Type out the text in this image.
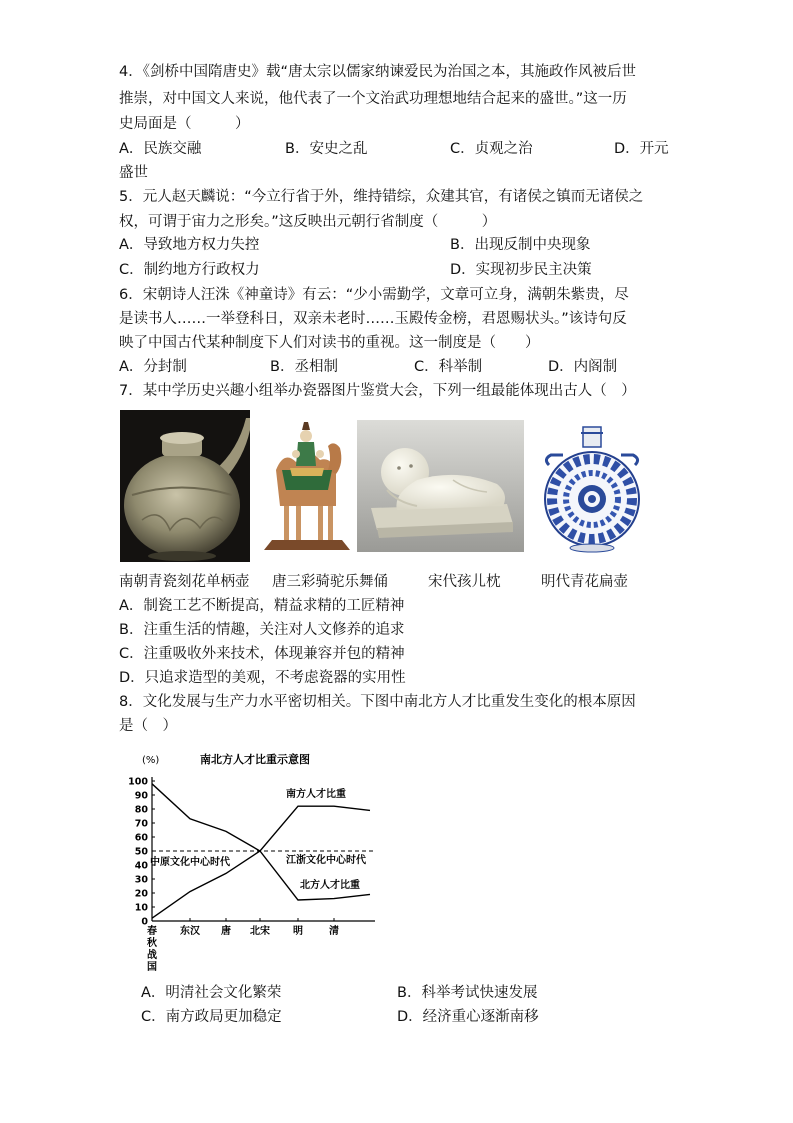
4．《剑桥中国隋唐史》载“唐太宗以儒家纳谏爱民为治国之本，其施政作风被后世
推崇，对中国文人来说，他代表了一个文治武功理想地结合起来的盛世。”这一历
史局面是（　　　）
A．民族交融	B．安史之乱	C．贞观之治	D．开元
盛世
5．元人赵天麟说：“今立行省于外，维持错综，众建其官，有诸侯之镇而无诸侯之
权，可谓于宙力之形矣。”这反映出元朝行省制度（　　　）
A．导致地方权力失控	B．出现反制中央现象
C．制约地方行政权力	D．实现初步民主决策
6．宋朝诗人汪洙《神童诗》有云：“少小需勤学，文章可立身，满朝朱紫贵，尽
是读书人……一举登科日，双亲未老时……玉殿传金榜，君恩赐状头。”该诗句反
映了中国古代某种制度下人们对读书的重视。这一制度是（　　）
A．分封制	B．丞相制	C．科举制	D．内阁制
7．某中学历史兴趣小组举办瓷器图片鉴赏大会，下列一组最能体现出古人（　）
南朝青瓷刻花单柄壶 唐三彩骑驼乐舞俑	宋代孩儿枕	明代青花扁壶
A．制瓷工艺不断提高，精益求精的工匠精神
B．注重生活的情趣，关注对人文修养的追求
C．注重吸收外来技术，体现兼容并包的精神
D．只追求造型的美观，不考虑瓷器的实用性
8．文化发展与生产力水平密切相关。下图中南北方人才比重发生变化的根本原因
是（　）
南北方人才比重示意图
(%)
0
10
20
30
40
50
60
70
80
90
100
春
秋
战
国
东汉 唐 北宋 明	清
南方人才比重
北方人才比重
中原文化中心时代	江浙文化中心时代
A．明清社会文化繁荣	B．科举考试快速发展
C．南方政局更加稳定	D．经济重心逐渐南移
